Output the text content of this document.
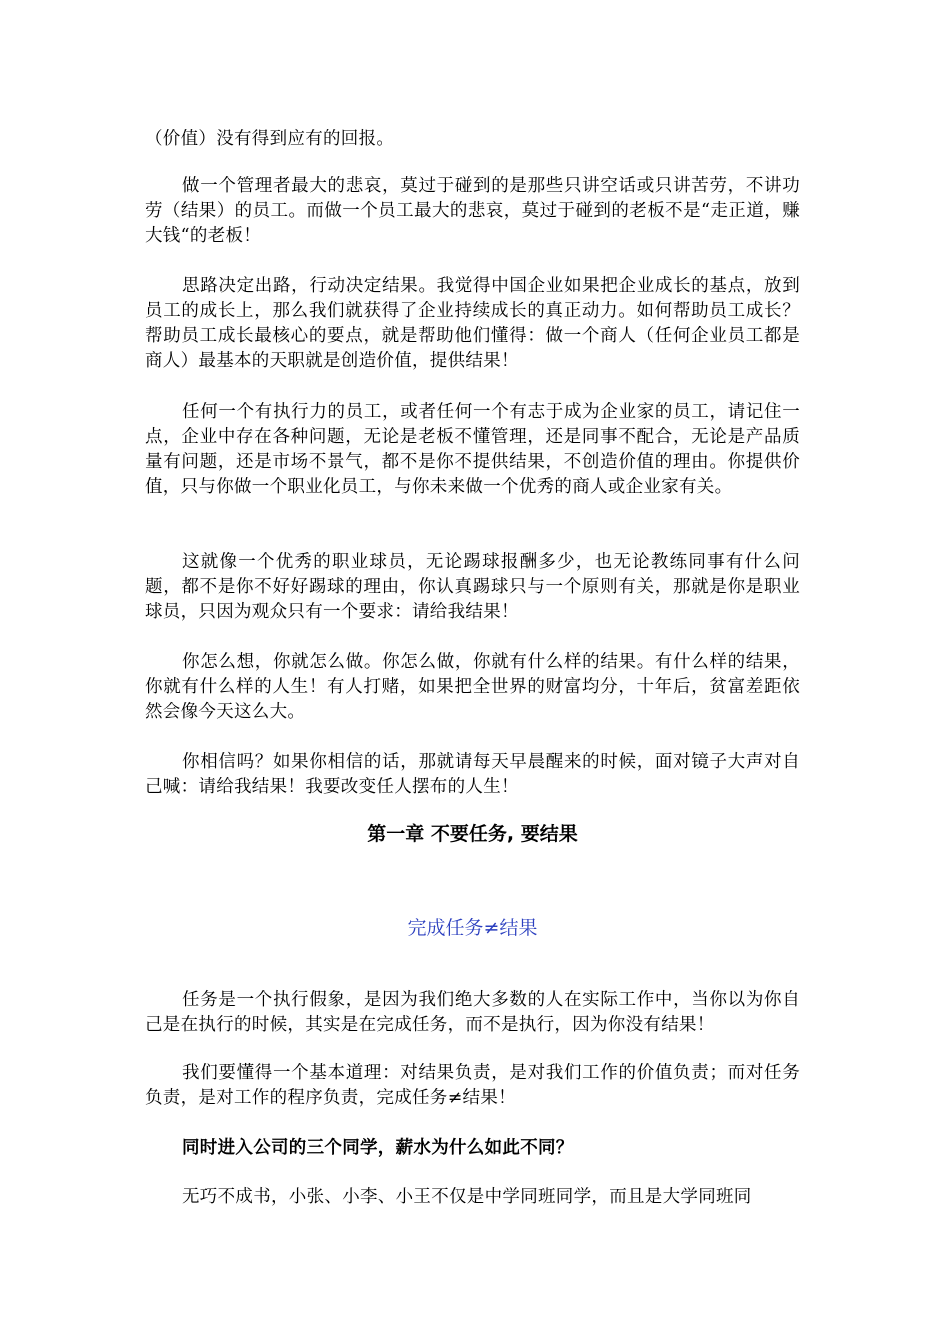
（价值）没有得到应有的回报。

做一个管理者最大的悲哀，莫过于碰到的是那些只讲空话或只讲苦劳，不讲功劳（结果）的员工。而做一个员工最大的悲哀，莫过于碰到的老板不是“走正道，赚大钱“的老板！

思路决定出路，行动决定结果。我觉得中国企业如果把企业成长的基点，放到员工的成长上，那么我们就获得了企业持续成长的真正动力。如何帮助员工成长？帮助员工成长最核心的要点，就是帮助他们懂得：做一个商人（任何企业员工都是商人）最基本的天职就是创造价值，提供结果！

任何一个有执行力的员工，或者任何一个有志于成为企业家的员工，请记住一点，企业中存在各种问题，无论是老板不懂管理，还是同事不配合，无论是产品质量有问题，还是市场不景气，都不是你不提供结果，不创造价值的理由。你提供价值，只与你做一个职业化员工，与你未来做一个优秀的商人或企业家有关。

这就像一个优秀的职业球员，无论踢球报酬多少，也无论教练同事有什么问题，都不是你不好好踢球的理由，你认真踢球只与一个原则有关，那就是你是职业球员，只因为观众只有一个要求：请给我结果！

你怎么想，你就怎么做。你怎么做，你就有什么样的结果。有什么样的结果，你就有什么样的人生！有人打赌，如果把全世界的财富均分，十年后，贫富差距依然会像今天这么大。

你相信吗？如果你相信的话，那就请每天早晨醒来的时候，面对镜子大声对自己喊：请给我结果！我要改变任人摆布的人生！

第一章 不要任务, 要结果
完成任务≠结果

任务是一个执行假象，是因为我们绝大多数的人在实际工作中，当你以为你自己是在执行的时候，其实是在完成任务，而不是执行，因为你没有结果！

我们要懂得一个基本道理：对结果负责，是对我们工作的价值负责；而对任务负责，是对工作的程序负责，完成任务≠结果！

同时进入公司的三个同学，薪水为什么如此不同？

无巧不成书，小张、小李、小王不仅是中学同班同学，而且是大学同班同
